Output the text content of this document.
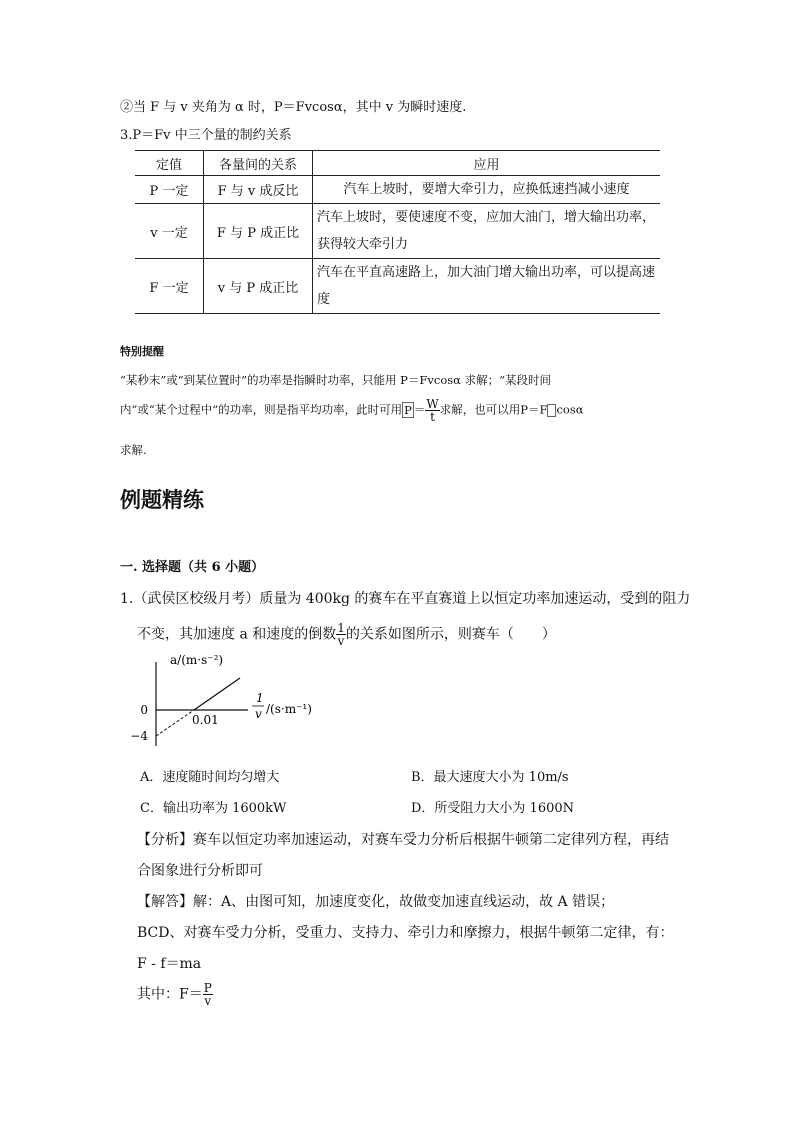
②当 F 与 v 夹角为 α 时，P＝Fvcosα，其中 v 为瞬时速度.
3.P＝Fv 中三个量的制约关系
定值	各量间的关系	应用
P 一定	F 与 v 成反比	汽车上坡时，要增大牵引力，应换低速挡减小速度
v 一定	F 与 P 成正比	汽车上坡时，要使速度不变，应加大油门，增大输出功率，获得较大牵引力
F 一定	v 与 P 成正比	汽车在平直高速路上，加大油门增大输出功率，可以提高速度
特别提醒
“某秒末”或“到某位置时”的功率是指瞬时功率，只能用 P＝Fvcosα 求解；“某段时间
内”或“某个过程中”的功率，则是指平均功率，此时可用 $P = \frac{W}{t}$ 求解，也可以用P＝F cosα
求解.
例题精练
一. 选择题（共 6 小题）
1.（武侯区校级月考）质量为 400kg 的赛车在平直赛道上以恒定功率加速运动，受到的阻力
不变，其加速度 a 和速度的倒数 $\frac{1}{v}$ 的关系如图所示，则赛车（　　）
a/(m·s⁻²)
0
−4
0.01
1
v /(s·m⁻¹)
A．速度随时间均匀增大	B．最大速度大小为 10m/s
C．输出功率为 1600kW	D．所受阻力大小为 1600N
【分析】赛车以恒定功率加速运动，对赛车受力分析后根据牛顿第二定律列方程，再结
合图象进行分析即可
【解答】解：A、由图可知，加速度变化，故做变加速直线运动，故 A 错误；
BCD、对赛车受力分析，受重力、支持力、牵引力和摩擦力，根据牛顿第二定律，有：
F - f＝ma
其中：$F= \frac{P}{v}$
